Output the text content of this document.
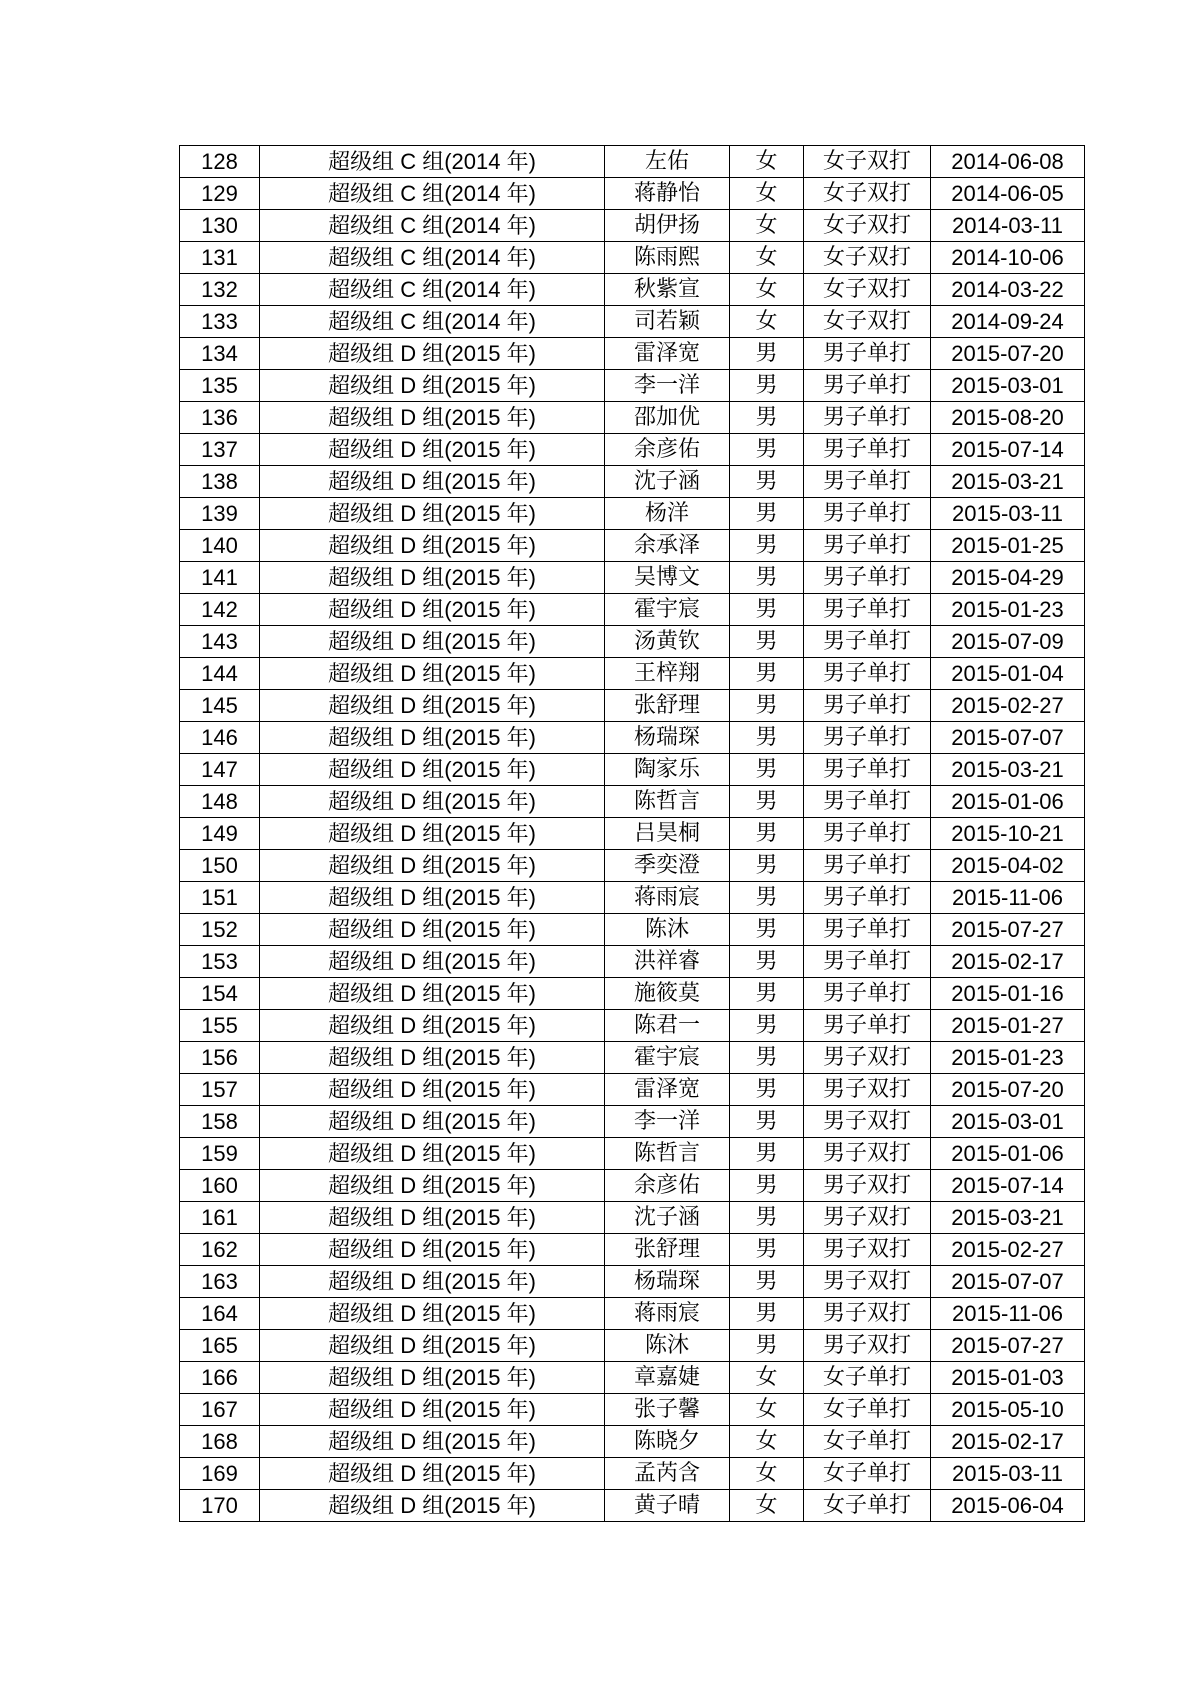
128	超级组 C 组(2014 年)	左佑	女	女子双打	2014-06-08
129	超级组 C 组(2014 年)	蒋静怡	女	女子双打	2014-06-05
130	超级组 C 组(2014 年)	胡伊扬	女	女子双打	2014-03-11
131	超级组 C 组(2014 年)	陈雨熙	女	女子双打	2014-10-06
132	超级组 C 组(2014 年)	秋紫宣	女	女子双打	2014-03-22
133	超级组 C 组(2014 年)	司若颖	女	女子双打	2014-09-24
134	超级组 D 组(2015 年)	雷泽宽	男	男子单打	2015-07-20
135	超级组 D 组(2015 年)	李一洋	男	男子单打	2015-03-01
136	超级组 D 组(2015 年)	邵加优	男	男子单打	2015-08-20
137	超级组 D 组(2015 年)	余彦佑	男	男子单打	2015-07-14
138	超级组 D 组(2015 年)	沈子涵	男	男子单打	2015-03-21
139	超级组 D 组(2015 年)	杨洋	男	男子单打	2015-03-11
140	超级组 D 组(2015 年)	余承泽	男	男子单打	2015-01-25
141	超级组 D 组(2015 年)	吴博文	男	男子单打	2015-04-29
142	超级组 D 组(2015 年)	霍宇宸	男	男子单打	2015-01-23
143	超级组 D 组(2015 年)	汤黄钦	男	男子单打	2015-07-09
144	超级组 D 组(2015 年)	王梓翔	男	男子单打	2015-01-04
145	超级组 D 组(2015 年)	张舒理	男	男子单打	2015-02-27
146	超级组 D 组(2015 年)	杨瑞琛	男	男子单打	2015-07-07
147	超级组 D 组(2015 年)	陶家乐	男	男子单打	2015-03-21
148	超级组 D 组(2015 年)	陈哲言	男	男子单打	2015-01-06
149	超级组 D 组(2015 年)	吕昊桐	男	男子单打	2015-10-21
150	超级组 D 组(2015 年)	季奕澄	男	男子单打	2015-04-02
151	超级组 D 组(2015 年)	蒋雨宸	男	男子单打	2015-11-06
152	超级组 D 组(2015 年)	陈沐	男	男子单打	2015-07-27
153	超级组 D 组(2015 年)	洪祥睿	男	男子单打	2015-02-17
154	超级组 D 组(2015 年)	施筱莫	男	男子单打	2015-01-16
155	超级组 D 组(2015 年)	陈君一	男	男子单打	2015-01-27
156	超级组 D 组(2015 年)	霍宇宸	男	男子双打	2015-01-23
157	超级组 D 组(2015 年)	雷泽宽	男	男子双打	2015-07-20
158	超级组 D 组(2015 年)	李一洋	男	男子双打	2015-03-01
159	超级组 D 组(2015 年)	陈哲言	男	男子双打	2015-01-06
160	超级组 D 组(2015 年)	余彦佑	男	男子双打	2015-07-14
161	超级组 D 组(2015 年)	沈子涵	男	男子双打	2015-03-21
162	超级组 D 组(2015 年)	张舒理	男	男子双打	2015-02-27
163	超级组 D 组(2015 年)	杨瑞琛	男	男子双打	2015-07-07
164	超级组 D 组(2015 年)	蒋雨宸	男	男子双打	2015-11-06
165	超级组 D 组(2015 年)	陈沐	男	男子双打	2015-07-27
166	超级组 D 组(2015 年)	章嘉婕	女	女子单打	2015-01-03
167	超级组 D 组(2015 年)	张子馨	女	女子单打	2015-05-10
168	超级组 D 组(2015 年)	陈晓夕	女	女子单打	2015-02-17
169	超级组 D 组(2015 年)	孟芮含	女	女子单打	2015-03-11
170	超级组 D 组(2015 年)	黄子晴	女	女子单打	2015-06-04
